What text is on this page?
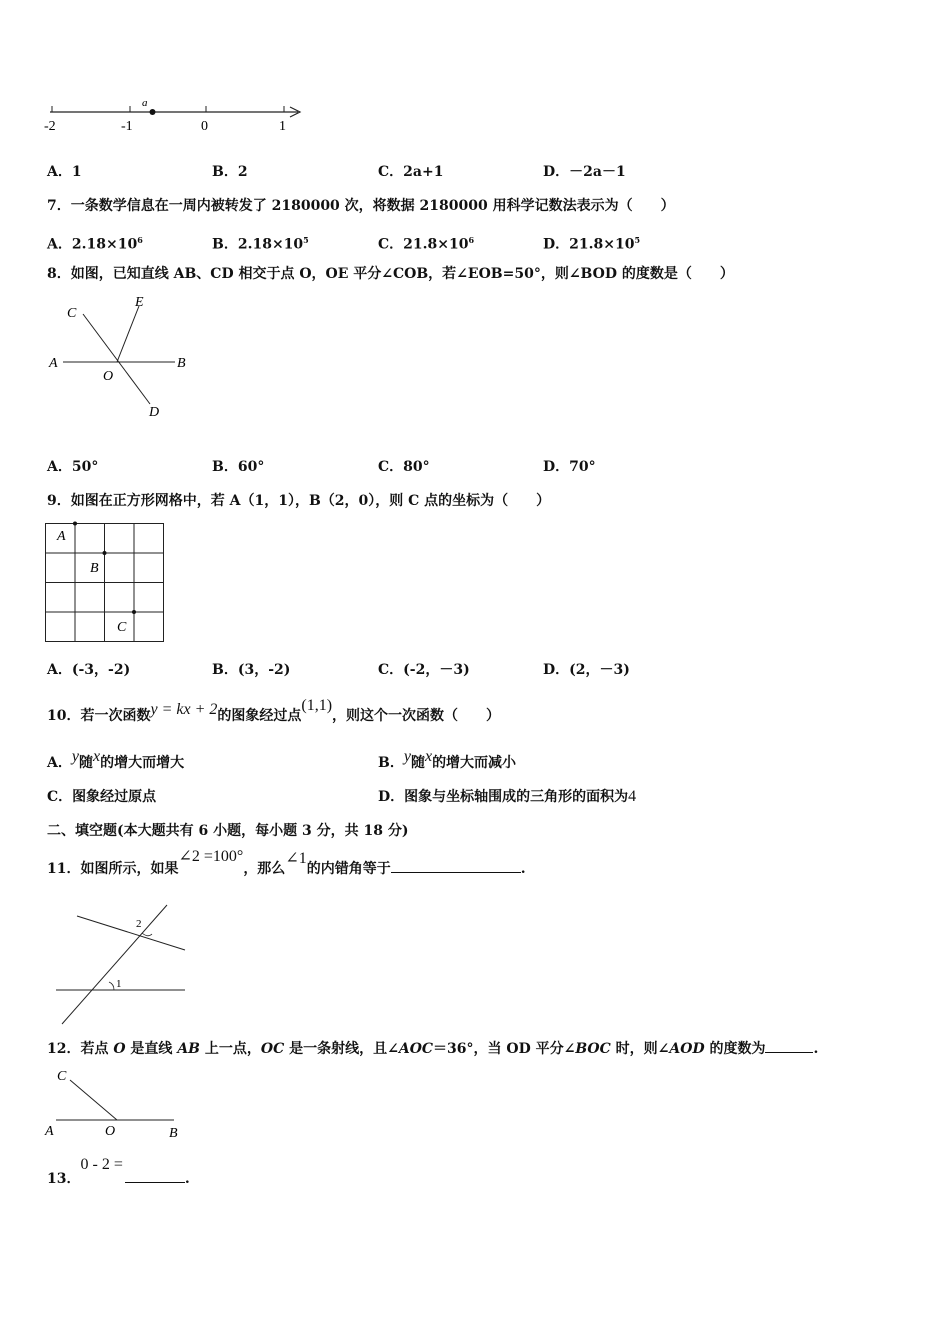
a
-2	-1	0	1
A．1	B．2	C．2a+1	D．－2a－1
7．一条数学信息在一周内被转发了 2180000 次，将数据 2180000 用科学记数法表示为（　　）
A．$2.18\times 10^6$	B．$2.18\times 10^5$	C．$21.8\times 10^6$	D．$21.8\times 10^5$
8．如图，已知直线 AB、CD 相交于点 O，OE 平分∠COB，若∠EOB=50°，则∠BOD 的度数是（　　）
C
E
A	B
O
D
A．50°	B．60°	C．80°	D．70°
9．如图在正方形网格中，若 A（1，1），B（2，0），则 C 点的坐标为（　　）
A
B
C
A．(-3，-2)	B．(3，-2)	C．(-2，－3)	D．(2，－3)
10．若一次函数y = kx + 2的图象经过点(1,1)，则这个一次函数（　　）
A．y随x的增大而增大	B．y随x的增大而减小
C．图象经过原点	D．图象与坐标轴围成的三角形的面积为4
二、填空题(本大题共有 6 小题，每小题 3 分，共 18 分)
11．如图所示，如果∠2 =100°，那么∠1的内错角等于	.
2
1
12．若点 O 是直线 AB 上一点，OC 是一条射线，且∠AOC＝36°，当 OD 平分∠BOC 时，则∠AOD 的度数为	.
C
A	O	B
13．0 - 2 =.
